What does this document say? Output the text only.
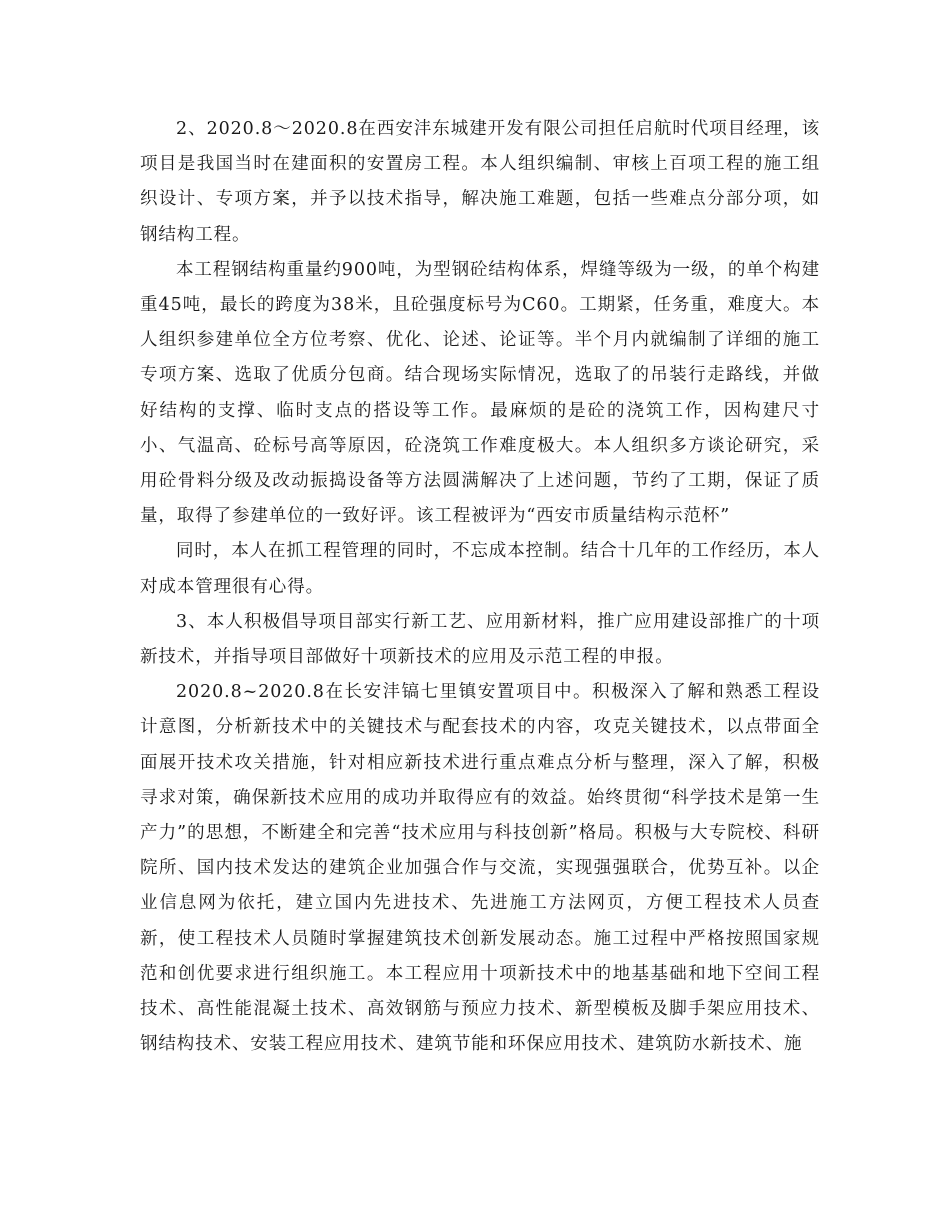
2、2020.8～2020.8在西安沣东城建开发有限公司担任启航时代项目经理，该项目是我国当时在建面积的安置房工程。本人组织编制、审核上百项工程的施工组织设计、专项方案，并予以技术指导，解决施工难题，包括一些难点分部分项，如钢结构工程。

本工程钢结构重量约900吨，为型钢砼结构体系，焊缝等级为一级，的单个构建重45吨，最长的跨度为38米，且砼强度标号为C60。工期紧，任务重，难度大。本人组织参建单位全方位考察、优化、论述、论证等。半个月内就编制了详细的施工专项方案、选取了优质分包商。结合现场实际情况，选取了的吊装行走路线，并做好结构的支撑、临时支点的搭设等工作。最麻烦的是砼的浇筑工作，因构建尺寸小、气温高、砼标号高等原因，砼浇筑工作难度极大。本人组织多方谈论研究，采用砼骨料分级及改动振捣设备等方法圆满解决了上述问题，节约了工期，保证了质量，取得了参建单位的一致好评。该工程被评为“西安市质量结构示范杯”

同时，本人在抓工程管理的同时，不忘成本控制。结合十几年的工作经历，本人对成本管理很有心得。

3、本人积极倡导项目部实行新工艺、应用新材料，推广应用建设部推广的十项新技术，并指导项目部做好十项新技术的应用及示范工程的申报。

2020.8~2020.8在长安沣镐七里镇安置项目中。积极深入了解和熟悉工程设计意图，分析新技术中的关键技术与配套技术的内容，攻克关键技术，以点带面全面展开技术攻关措施，针对相应新技术进行重点难点分析与整理，深入了解，积极寻求对策，确保新技术应用的成功并取得应有的效益。始终贯彻“科学技术是第一生产力”的思想，不断建全和完善“技术应用与科技创新”格局。积极与大专院校、科研院所、国内技术发达的建筑企业加强合作与交流，实现强强联合，优势互补。以企业信息网为依托，建立国内先进技术、先进施工方法网页，方便工程技术人员查新，使工程技术人员随时掌握建筑技术创新发展动态。施工过程中严格按照国家规范和创优要求进行组织施工。本工程应用十项新技术中的地基基础和地下空间工程技术、高性能混凝土技术、高效钢筋与预应力技术、新型模板及脚手架应用技术、钢结构技术、安装工程应用技术、建筑节能和环保应用技术、建筑防水新技术、施
